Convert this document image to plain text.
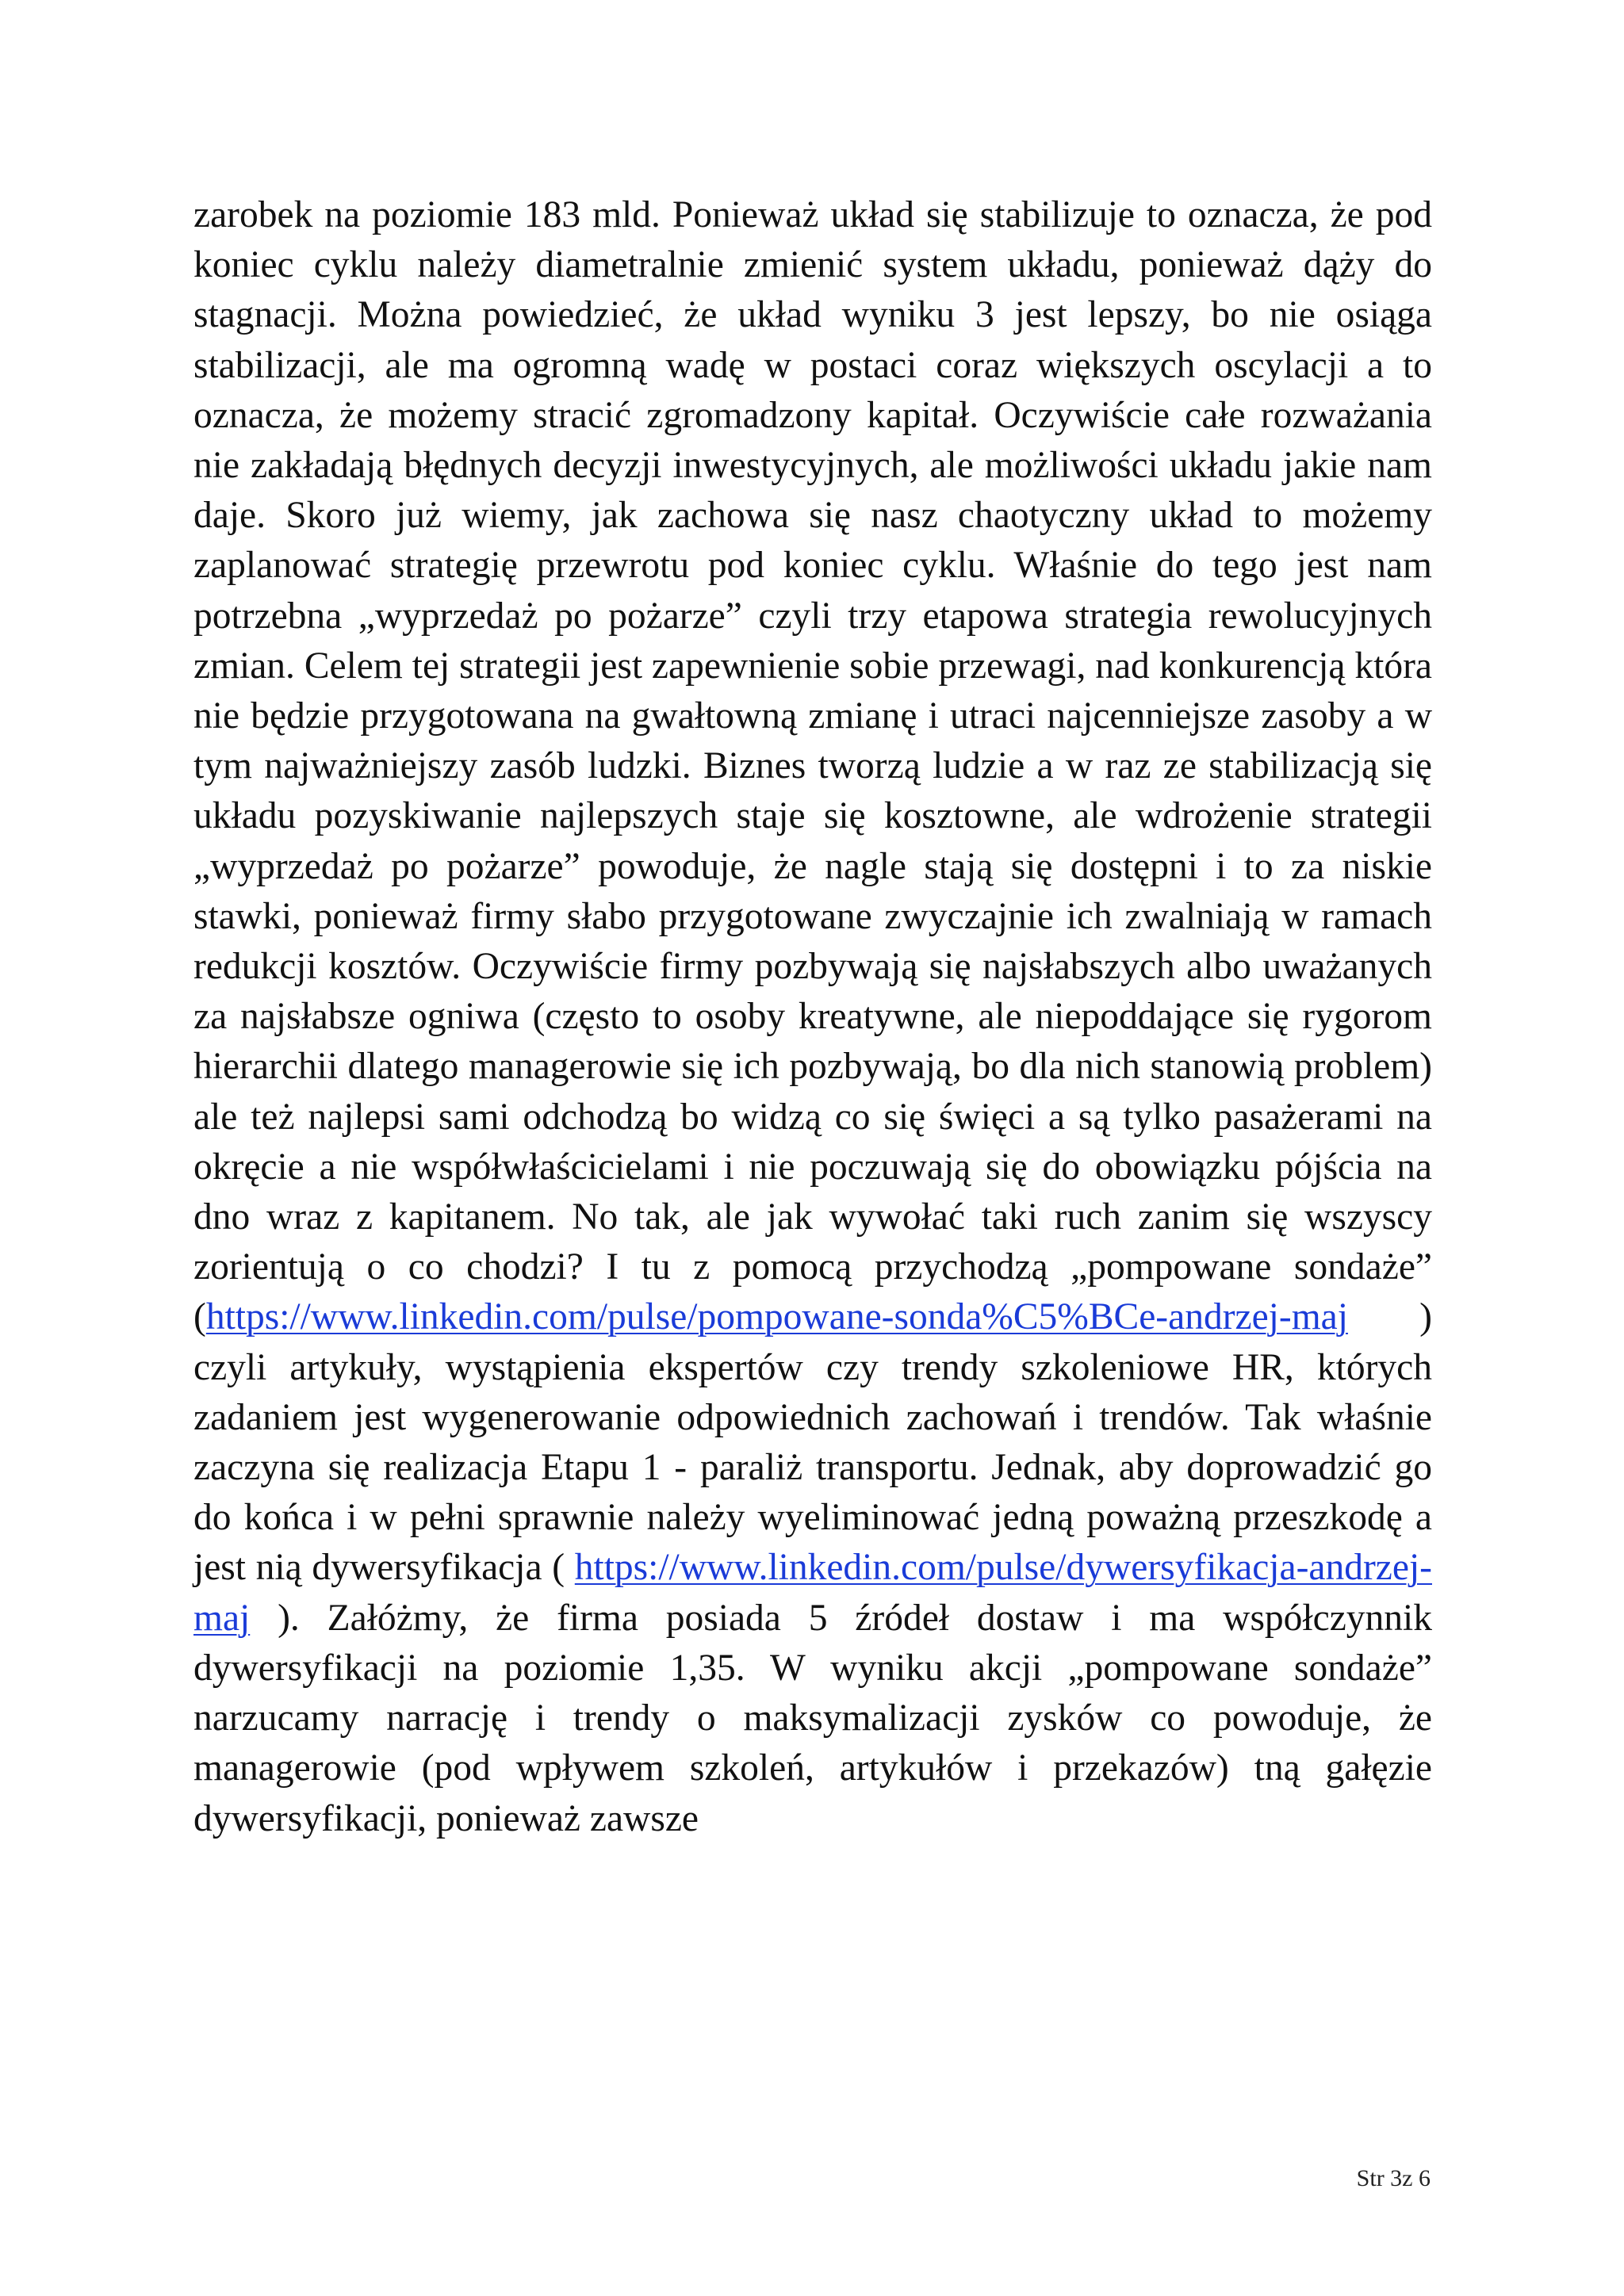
zarobek na poziomie 183 mld. Ponieważ układ się stabilizuje to oznacza, że pod koniec cyklu należy diametralnie zmienić system układu, ponieważ dąży do stagnacji. Można powiedzieć, że układ wyniku 3 jest lepszy, bo nie osiąga stabilizacji, ale ma ogromną wadę w postaci coraz większych oscylacji a to oznacza, że możemy stracić zgromadzony kapitał. Oczywiście całe rozważania nie zakładają błędnych decyzji inwestycyjnych, ale możliwości układu jakie nam daje. Skoro już wiemy, jak zachowa się nasz chaotyczny układ to możemy zaplanować strategię przewrotu pod koniec cyklu. Właśnie do tego jest nam potrzebna „wyprzedaż po pożarze” czyli trzy etapowa strategia rewolucyjnych zmian. Celem tej strategii jest zapewnienie sobie przewagi, nad konkurencją która nie będzie przygotowana na gwałtowną zmianę i utraci najcenniejsze zasoby a w tym najważniejszy zasób ludzki. Biznes tworzą ludzie a w raz ze stabilizacją się układu pozyskiwanie najlepszych staje się kosztowne, ale wdrożenie strategii „wyprzedaż po pożarze” powoduje, że nagle stają się dostępni i to za niskie stawki, ponieważ firmy słabo przygotowane zwyczajnie ich zwalniają w ramach redukcji kosztów. Oczywiście firmy pozbywają się najsłabszych albo uważanych za najsłabsze ogniwa (często to osoby kreatywne, ale niepoddające się rygorom hierarchii dlatego managerowie się ich pozbywają, bo dla nich stanowią problem) ale też najlepsi sami odchodzą bo widzą co się święci a są tylko pasażerami na okręcie a nie współwłaścicielami i nie poczuwają się do obowiązku pójścia na dno wraz z kapitanem. No tak, ale jak wywołać taki ruch zanim się wszyscy zorientują o co chodzi? I tu z pomocą przychodzą „pompowane sondaże” (https://www.linkedin.com/pulse/pompowane-sonda%C5%BCe-andrzej-maj ) czyli artykuły, wystąpienia ekspertów czy trendy szkoleniowe HR, których zadaniem jest wygenerowanie odpowiednich zachowań i trendów. Tak właśnie zaczyna się realizacja Etapu 1 - paraliż transportu. Jednak, aby doprowadzić go do końca i w pełni sprawnie należy wyeliminować jedną poważną przeszkodę a jest nią dywersyfikacja ( https://www.linkedin.com/pulse/dywersyfikacja-andrzej-maj ). Załóżmy, że firma posiada 5 źródeł dostaw i ma współczynnik dywersyfikacji na poziomie 1,35. W wyniku akcji „pompowane sondaże” narzucamy narrację i trendy o maksymalizacji zysków co powoduje, że managerowie (pod wpływem szkoleń, artykułów i przekazów) tną gałęzie dywersyfikacji, ponieważ zawsze

Str 3z 6
